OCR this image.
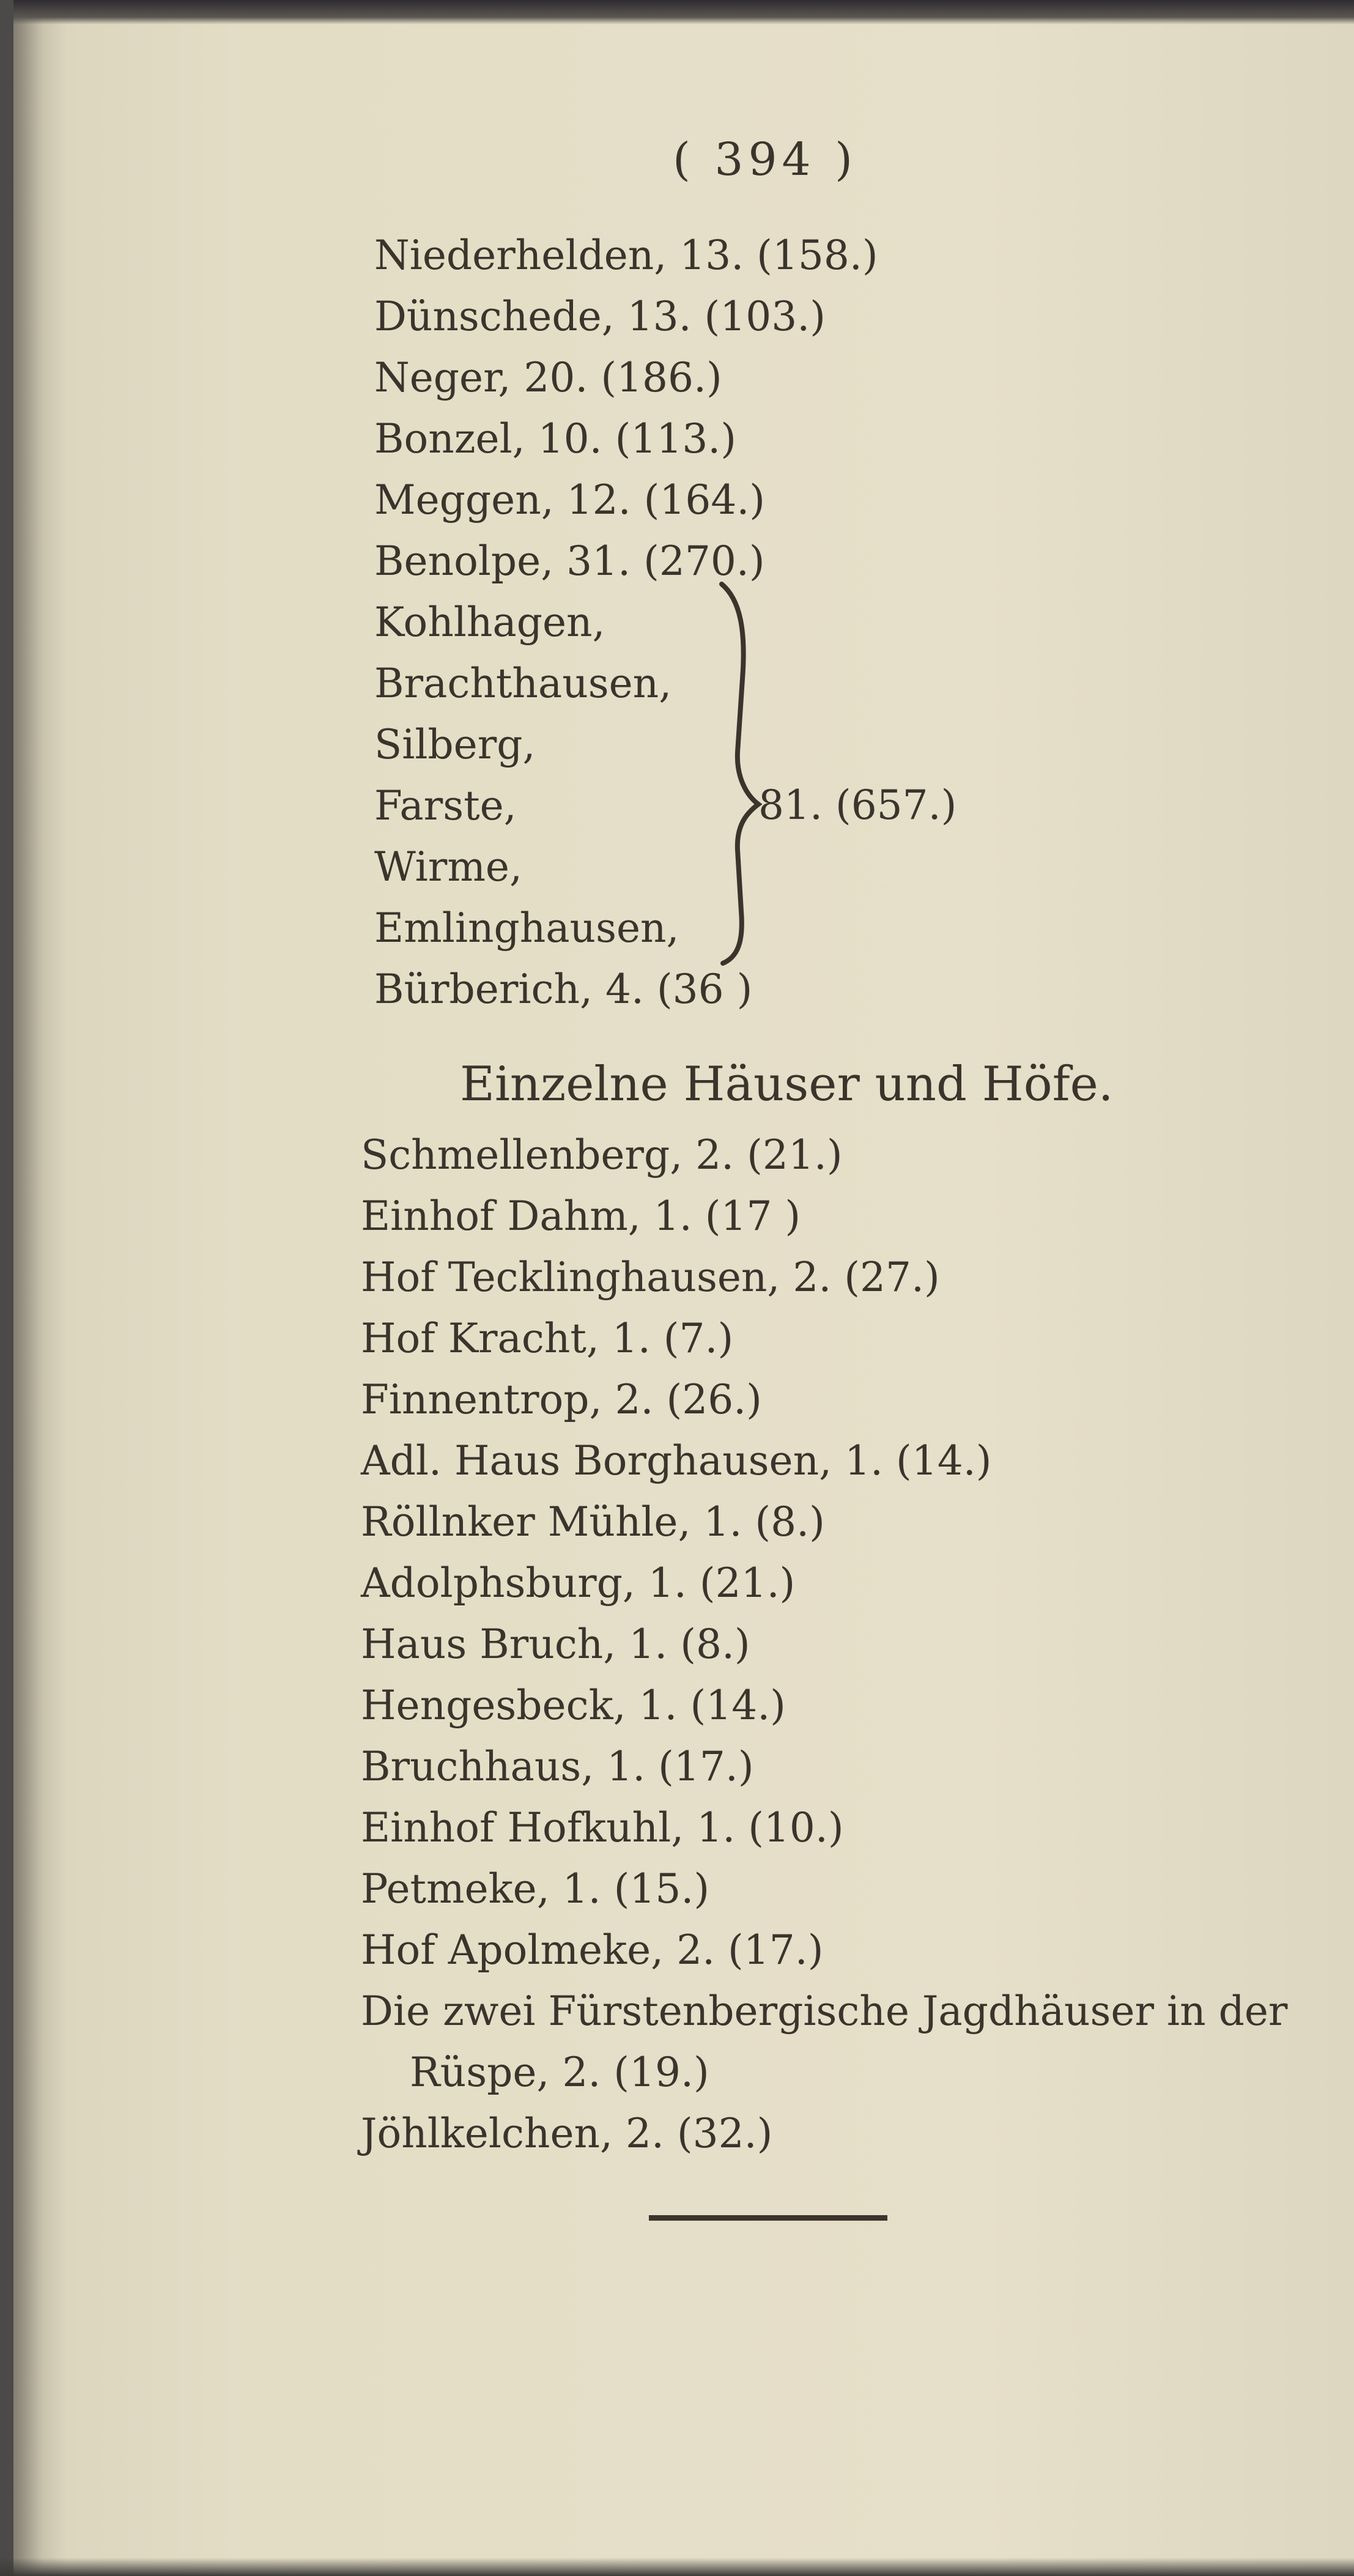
( 394 )
Niederhelden, 13. (158.)
Dünschede, 13. (103.)
Neger, 20. (186.)
Bonzel, 10. (113.)
Meggen, 12. (164.)
Benolpe, 31. (270.)
Kohlhagen,
Brachthausen,
Silberg,
Farste,
Wirme,
Emlinghausen,
Bürberich, 4. (36 )
81. (657.)
Einzelne Häuser und Höfe.
Schmellenberg, 2. (21.)
Einhof Dahm, 1. (17 )
Hof Tecklinghausen, 2. (27.)
Hof Kracht, 1. (7.)
Finnentrop, 2. (26.)
Adl. Haus Borghausen, 1. (14.)
Röllnker Mühle, 1. (8.)
Adolphsburg, 1. (21.)
Haus Bruch, 1. (8.)
Hengesbeck, 1. (14.)
Bruchhaus, 1. (17.)
Einhof Hofkuhl, 1. (10.)
Petmeke, 1. (15.)
Hof Apolmeke, 2. (17.)
Die zwei Fürstenbergische Jagdhäuser in der
Rüspe, 2. (19.)
Jöhlkelchen, 2. (32.)
